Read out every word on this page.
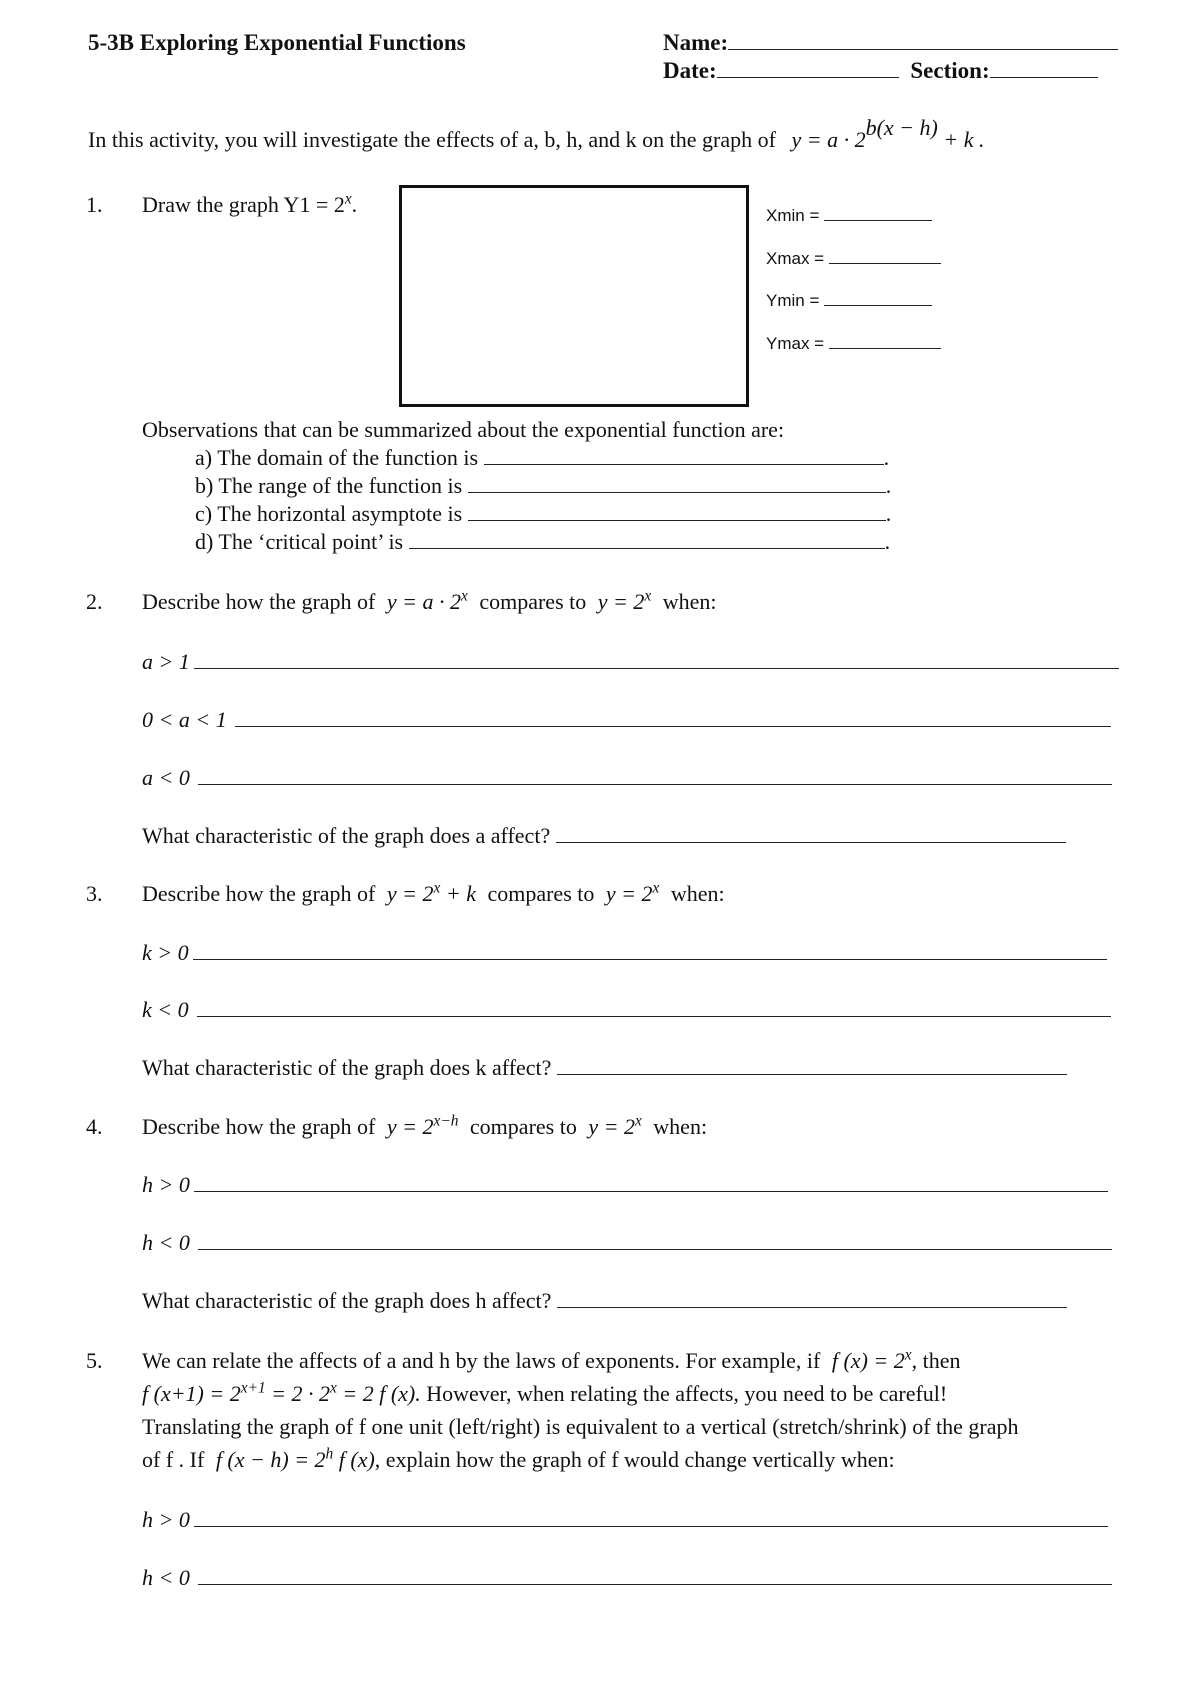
5-3B Exploring Exponential Functions	Name:
Date:	Section:
In this activity, you will investigate the effects of a, b, h, and k on the graph of y = a · 2b(x − h) + k .
1. Draw the graph $Y1 = 2^x$.	Xmin =
Xmax =
Ymin =
Ymax =
Observations that can be summarized about the exponential function are:
a) The domain of the function is	.
b) The range of the function is	.
c) The horizontal asymptote is	.
d) The ‘critical point’ is	.
2. Describe how the graph of $y = a \cdot 2^x$ compares to $y = 2^x$ when:
a > 1
0 < a < 1
a < 0
What characteristic of the graph does a affect?
3. Describe how the graph of $y = 2^x + k$ compares to $y = 2^x$ when:
k > 0
k < 0
What characteristic of the graph does k affect?
4. Describe how the graph of $y = 2^{x-h}$ compares to $y = 2^x$ when:
h > 0
h < 0
What characteristic of the graph does h affect?
5. We can relate the affects of a and h by the laws of exponents. For example, if f $(x) = 2^x$, then
f $(x+1) = 2^{x+1} = 2 \cdot 2^x = 2$ f (x). However, when relating the affects, you need to be careful!
Translating the graph of f one unit (left/right) is equivalent to a vertical (stretch/shrink) of the graph
of f . If f $(x - h) = 2^h$ f (x), explain how the graph of f would change vertically when:
h > 0
h < 0
